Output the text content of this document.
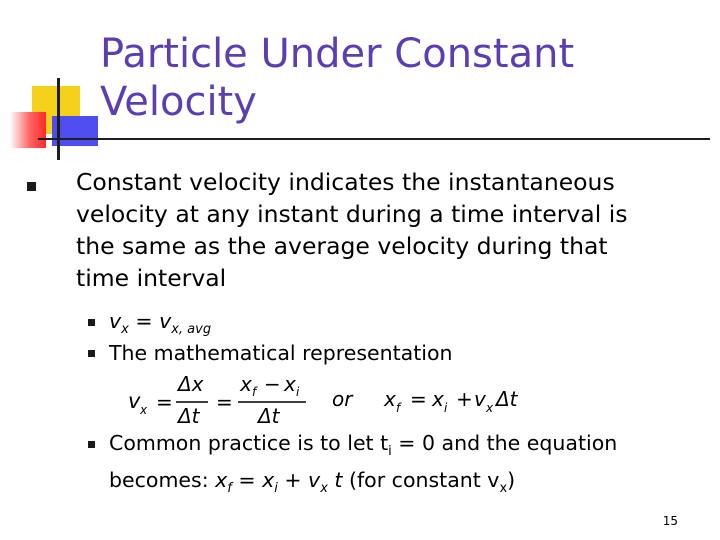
Particle Under Constant
Velocity
Constant velocity indicates the instantaneous
velocity at any instant during a time interval is
the same as the average velocity during that
time interval
$v_x = v_{x, avg}$
The mathematical representation
v x =
Δx
Δt
=
x f − x i
Δt
or x f = x i + v x Δt
Common practice is to let $t_i = 0$ and the equation
becomes: $x_f = x_i + v_x$ t (for constant $v_x$)
15
